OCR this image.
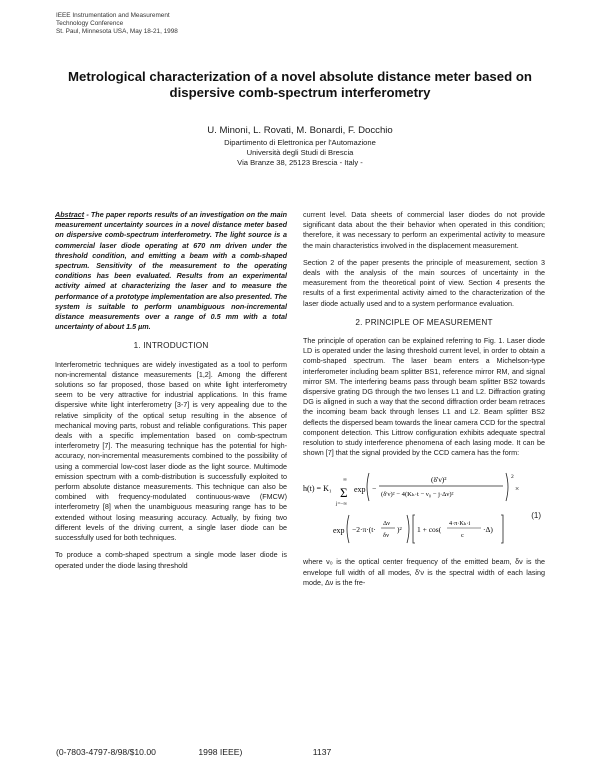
IEEE Instrumentation and Measurement
Technology Conference
St. Paul, Minnesota USA, May 18-21, 1998
Metrological characterization of a novel absolute distance meter based on
dispersive comb-spectrum interferometry
U. Minoni, L. Rovati, M. Bonardi, F. Docchio
Dipartimento di Elettronica per l'Automazione
Università degli Studi di Brescia
Via Branze 38, 25123 Brescia - Italy -

Abstract - The paper reports results of an investigation on the main measurement uncertainty sources in a novel distance meter based on dispersive comb-spectrum interferometry. The light source is a commercial laser diode operating at 670 nm driven under the threshold condition, and emitting a beam with a comb-shaped spectrum. Sensitivity of the measurement to the operating conditions has been evaluated. Results from an experimental activity aimed at characterizing the laser and to measure the performance of a prototype implementation are also presented. The system is suitable to perform unambiguous non-incremental distance measurements over a range of 0.5 mm with a total uncertainty of about 1.5 µm.

1. INTRODUCTION

Interferometric techniques are widely investigated as a tool to perform non-incremental distance measurements [1,2]. Among the different solutions so far proposed, those based on white light interferometry seem to be very attractive for industrial applications. In this frame dispersive white light interferometry [3-7] is very appealing due to the relative simplicity of the optical setup resulting in the absence of mechanical moving parts, robust and reliable configurations. This paper deals with a specific implementation based on comb-spectrum interferometry [7]. The measuring technique has the potential for high-accuracy, non-incremental measurements combined to the possibility of using a commercial low-cost laser diode as the light source. Multimode emission spectrum with a comb-distribution is successfully exploited to perform absolute distance measurements. This technique can also be combined with frequency-modulated continuous-wave (FMCW) interferometry [8] when the unambiguous measuring range has to be extended without losing measuring accuracy. Actually, by fixing two different levels of the driving current, a single laser diode can be successfully used for both techniques.

To produce a comb-shaped spectrum a single mode laser diode is operated under the diode lasing threshold

current level. Data sheets of commercial laser diodes do not provide significant data about the their behavior when operated in this condition; therefore, it was necessary to perform an experimental activity to measure the main characteristics involved in the displacement measurement.

Section 2 of the paper presents the principle of measurement, section 3 deals with the analysis of the main sources of uncertainty in the measurement from the theoretical point of view. Section 4 presents the results of a first experimental activity aimed to the characterization of the laser diode actually used and to a system performance evaluation.

2. PRINCIPLE OF MEASUREMENT

The principle of operation can be explained referring to Fig. 1. Laser diode LD is operated under the lasing threshold current level, in order to obtain a comb-shaped spectrum. The laser beam enters a Michelson-type interferometer including beam splitter BS1, reference mirror RM, and signal mirror SM. The interfering beams pass through beam splitter BS2 towards dispersive grating DG through the two lenses L1 and L2. Diffraction grating DG is aligned in such a way that the second diffraction order beam retraces the incoming beam back through lenses L1 and L2. Beam splitter BS2 deflects the dispersed beam towards the linear camera CCD for the spectral component detection. This Littrow configuration exhibits adequate spectral resolution to study interference phenomena of each lasing mode. It can be shown [7] that the signal provided by the CCD camera has the form:

h(t) = K₁
∞
Σ
j=−∞
exp −
(δ'ν)²
(δ'ν)² − 4(Kₕ·t − ν₀ − j·Δν)²
2
×
exp −2·π·(t·
Δν
δν
)² 1 + cos(
4·π·Kₕ·i
c
·Δ)
(1)

where ν₀ is the optical center frequency of the emitted beam, δν is the envelope full width of all modes, δ'ν is the spectral width of each lasing mode, Δν is the fre-

(0-7803-4797-8/98/$10.00	1998 IEEE)	1137
